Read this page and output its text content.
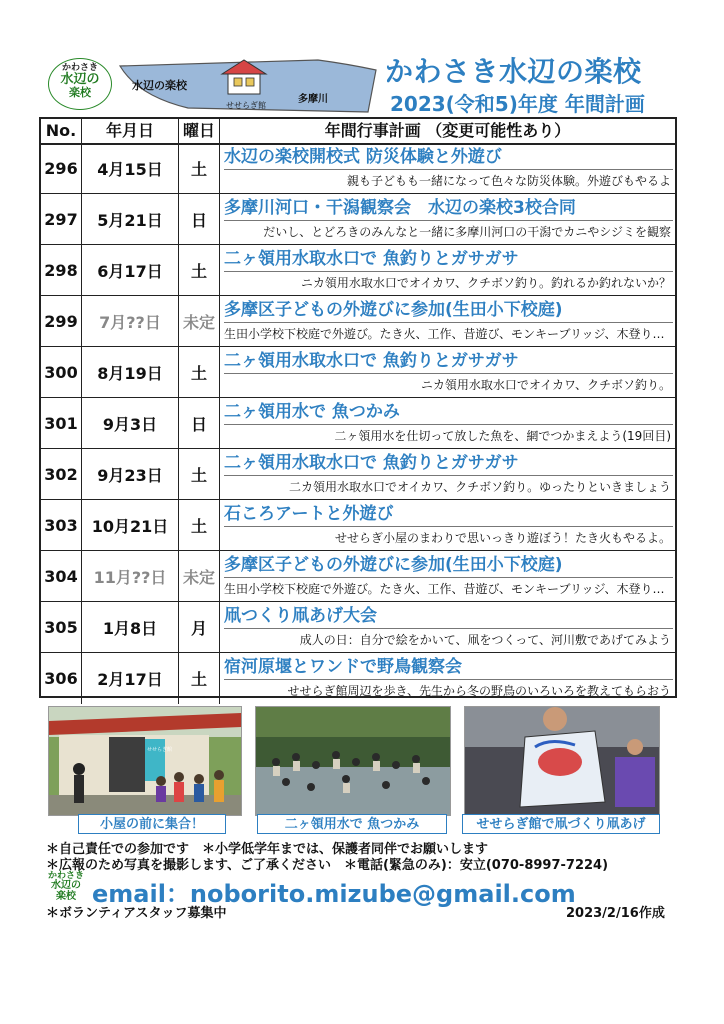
かわさき
水辺の
楽校
水辺の楽校
せせらぎ館
多摩川
かわさき水辺の楽校
2023(令和5)年度 年間計画
No.	年月日	曜日	年間行事計画 （変更可能性あり）
296	4月15日	土
水辺の楽校開校式 防災体験と外遊び
親も子どもも一緒になって色々な防災体験。外遊びもやるよ
297	5月21日	日
多摩川河口・干潟観察会　水辺の楽校3校合同
だいし、とどろきのみんなと一緒に多摩川河口の干潟でカニやシジミを観察
298	6月17日	土
二ヶ領用水取水口で 魚釣りとガサガサ
ニカ領用水取水口でオイカワ、クチボソ釣り。釣れるか釣れないか？
299	7月??日	未定
多摩区子どもの外遊びに参加(生田小下校庭)
生田小学校下校庭で外遊び。たき火、工作、昔遊び、モンキーブリッジ、木登り…
300	8月19日	土
二ヶ領用水取水口で 魚釣りとガサガサ
ニカ領用水取水口でオイカワ、クチボソ釣り。
301	9月3日	日
二ヶ領用水で 魚つかみ
二ヶ領用水を仕切って放した魚を、網でつかまえよう(19回目)
302	9月23日	土
二ヶ領用水取水口で 魚釣りとガサガサ
二カ領用水取水口でオイカワ、クチボソ釣り。ゆったりといきましょう
303 10月21日	土
石ころアートと外遊び
せせらぎ小屋のまわりで思いっきり遊ぼう！たき火もやるよ。
304 11月??日	未定
多摩区子どもの外遊びに参加(生田小下校庭)
生田小学校下校庭で外遊び。たき火、工作、昔遊び、モンキーブリッジ、木登り…
305	1月8日	月
凧つくり凧あげ大会
成人の日：自分で絵をかいて、凧をつくって、河川敷であげてみよう
306	2月17日	土
宿河原堰とワンドで野鳥観察会
せせらぎ館周辺を歩き、先生から冬の野鳥のいろいろを教えてもらおう
せせらぎ館
小屋の前に集合！	二ヶ領用水で 魚つかみ	せせらぎ館で凧づくり凧あげ
＊自己責任での参加です　＊小学低学年までは、保護者同伴でお願いします
＊広報のため写真を撮影します、ご了承ください　＊電話(緊急のみ)：安立(070-8997-7224)
かわさき
水辺の
楽校 email：noborito.mizube@gmail.com
＊ボランティアスタッフ募集中	2023/2/16作成
